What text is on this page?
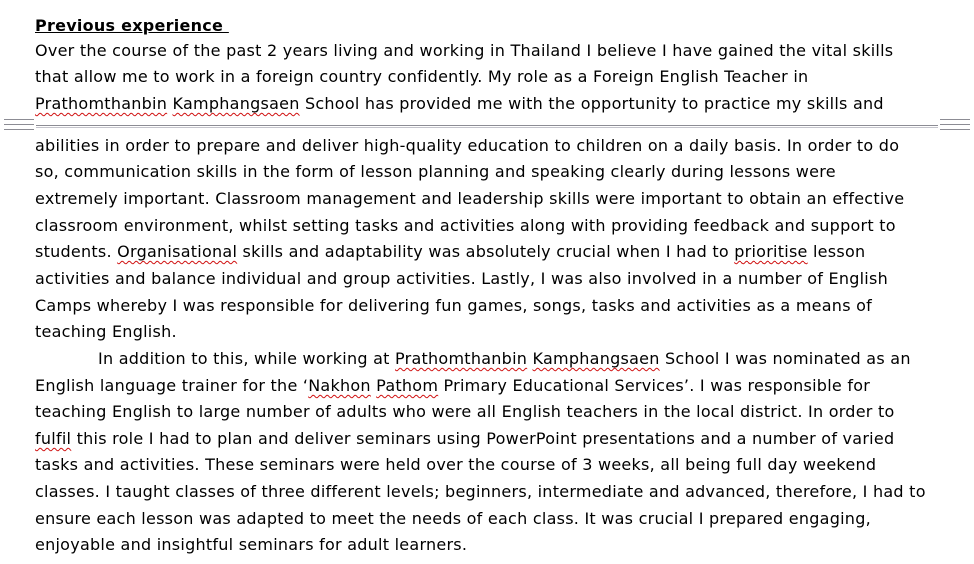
Previous experience
Over the course of the past 2 years living and working in Thailand I believe I have gained the vital skills
that allow me to work in a foreign country confidently. My role as a Foreign English Teacher in
Prathomthanbin Kamphangsaen School has provided me with the opportunity to practice my skills and
abilities in order to prepare and deliver high-quality education to children on a daily basis. In order to do
so, communication skills in the form of lesson planning and speaking clearly during lessons were
extremely important. Classroom management and leadership skills were important to obtain an effective
classroom environment, whilst setting tasks and activities along with providing feedback and support to
students. Organisational skills and adaptability was absolutely crucial when I had to prioritise lesson
activities and balance individual and group activities. Lastly, I was also involved in a number of English
Camps whereby I was responsible for delivering fun games, songs, tasks and activities as a means of
teaching English.
In addition to this, while working at Prathomthanbin Kamphangsaen School I was nominated as an
English language trainer for the ‘Nakhon Pathom Primary Educational Services’. I was responsible for
teaching English to large number of adults who were all English teachers in the local district. In order to
fulfil this role I had to plan and deliver seminars using PowerPoint presentations and a number of varied
tasks and activities. These seminars were held over the course of 3 weeks, all being full day weekend
classes. I taught classes of three different levels; beginners, intermediate and advanced, therefore, I had to
ensure each lesson was adapted to meet the needs of each class. It was crucial I prepared engaging,
enjoyable and insightful seminars for adult learners.
